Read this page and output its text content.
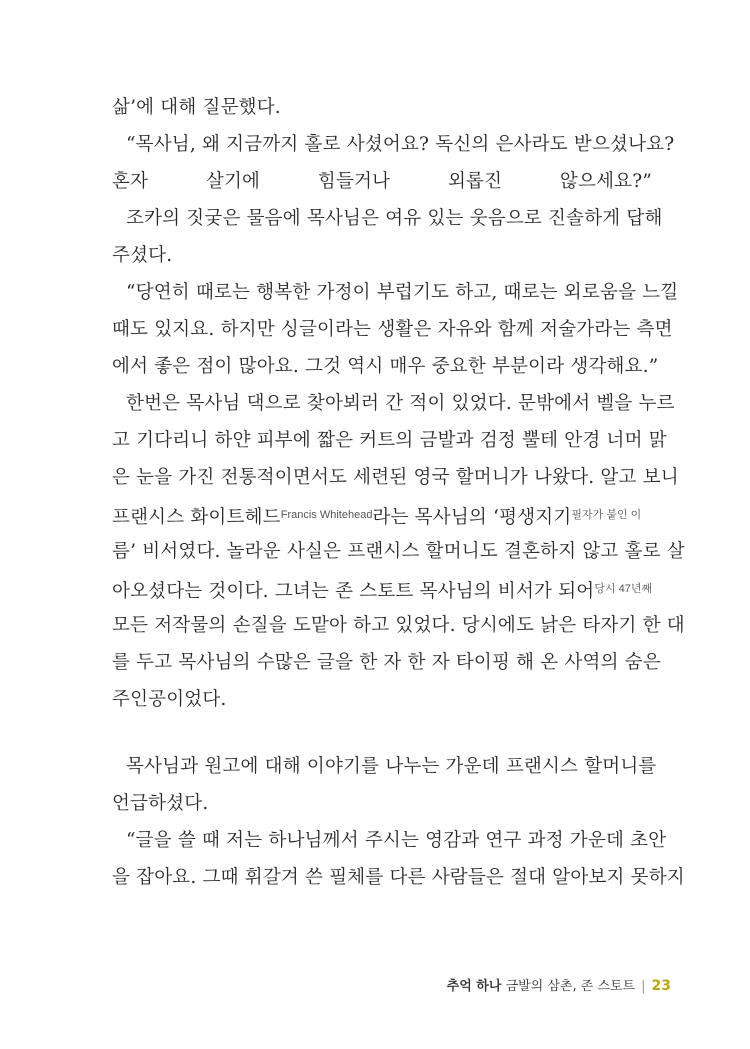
삶’에 대해 질문했다.
“목사님, 왜 지금까지 홀로 사셨어요? 독신의 은사라도 받으셨나요?
혼자 살기에 힘들거나 외롭진 않으세요?”
조카의 짓궂은 물음에 목사님은 여유 있는 웃음으로 진솔하게 답해
주셨다.
“당연히 때로는 행복한 가정이 부럽기도 하고, 때로는 외로움을 느낄
때도 있지요. 하지만 싱글이라는 생활은 자유와 함께 저술가라는 측면
에서 좋은 점이 많아요. 그것 역시 매우 중요한 부분이라 생각해요.”
한번은 목사님 댁으로 찾아뵈러 간 적이 있었다. 문밖에서 벨을 누르
고 기다리니 하얀 피부에 짧은 커트의 금발과 검정 뿔테 안경 너머 맑
은 눈을 가진 전통적이면서도 세련된 영국 할머니가 나왔다. 알고 보니
프랜시스 화이트헤드$^{Francis Whitehead}$라는 목사님의 ‘평생지기$^{필자가 붙인 이}$
름’ 비서였다. 놀라운 사실은 프랜시스 할머니도 결혼하지 않고 홀로 살
아오셨다는 것이다. 그녀는 존 스토트 목사님의 비서가 되어$^{당시 47년째}$
모든 저작물의 손질을 도맡아 하고 있었다. 당시에도 낡은 타자기 한 대
를 두고 목사님의 수많은 글을 한 자 한 자 타이핑 해 온 사역의 숨은
주인공이었다.
목사님과 원고에 대해 이야기를 나누는 가운데 프랜시스 할머니를
언급하셨다.
“글을 쓸 때 저는 하나님께서 주시는 영감과 연구 과정 가운데 초안
을 잡아요. 그때 휘갈겨 쓴 필체를 다른 사람들은 절대 알아보지 못하지
추억 하나 금발의 삼촌, 존 스토트 | 23
